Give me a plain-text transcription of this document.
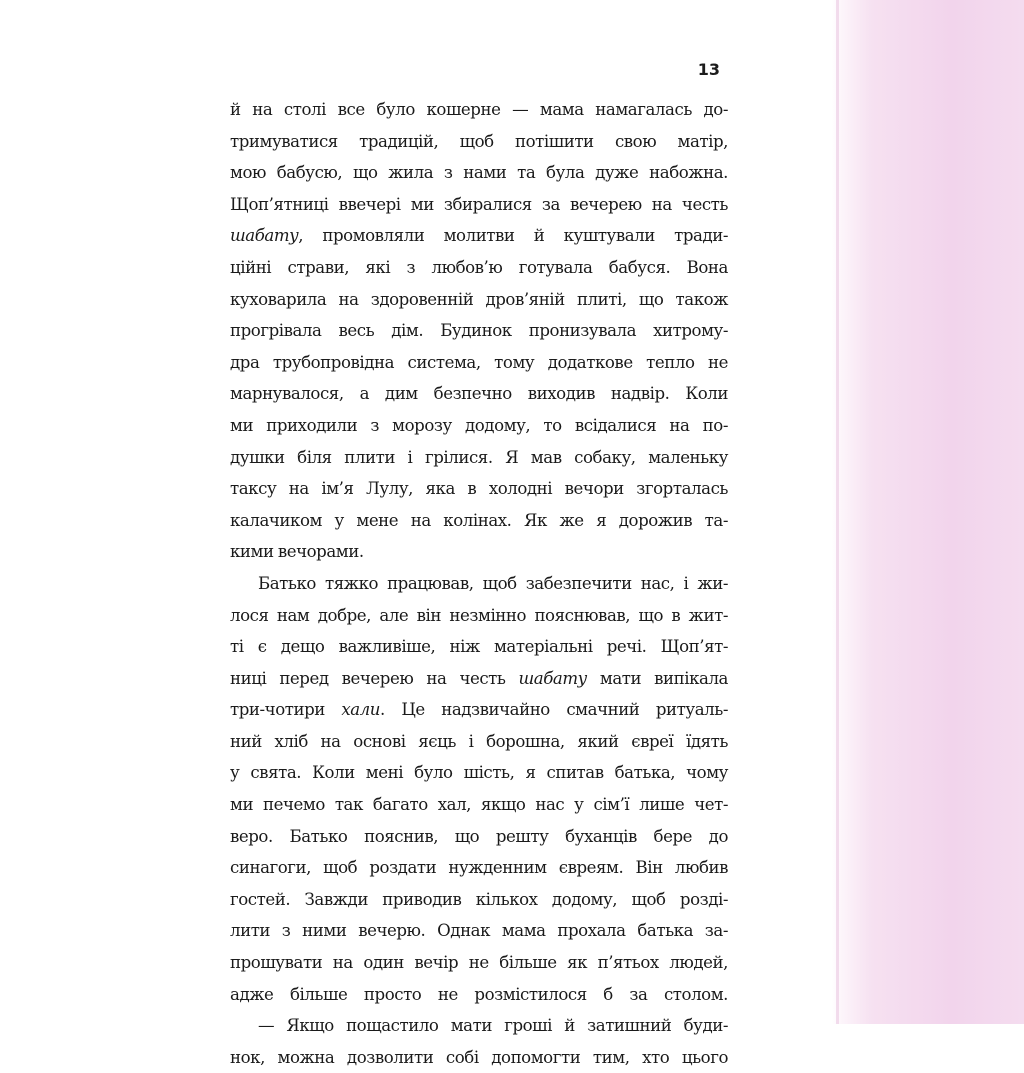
13
й на столі все було кошерне — мама намагалась до-
тримуватися традицій, щоб потішити свою матір,
мою бабусю, що жила з нами та була дуже набожна.
Щоп’ятниці ввечері ми збиралися за вечерею на честь
шабату, промовляли молитви й куштували тради-
ційні страви, які з любов’ю готувала бабуся. Вона
куховарила на здоровенній дров’яній плиті, що також
прогрівала весь дім. Будинок пронизувала хитрому-
дра трубопровідна система, тому додаткове тепло не
марнувалося, а дим безпечно виходив надвір. Коли
ми приходили з морозу додому, то всідалися на по-
душки біля плити і грілися. Я мав собаку, маленьку
таксу на ім’я Лулу, яка в холодні вечори згорталась
калачиком у мене на колінах. Як же я дорожив та-
кими вечорами.
Батько тяжко працював, щоб забезпечити нас, і жи-
лося нам добре, але він незмінно пояснював, що в жит-
ті є дещо важливіше, ніж матеріальні речі. Щоп’ят-
ниці перед вечерею на честь шабату мати випікала
три-чотири хали. Це надзвичайно смачний ритуаль-
ний хліб на основі яєць і борошна, який євреї їдять
у свята. Коли мені було шість, я спитав батька, чому
ми печемо так багато хал, якщо нас у сім’ї лише чет-
веро. Батько пояснив, що решту буханців бере до
синагоги, щоб роздати нужденним євреям. Він любив
гостей. Завжди приводив кількох додому, щоб розді-
лити з ними вечерю. Однак мама прохала батька за-
прошувати на один вечір не більше як п’ятьох людей,
адже більше просто не розмістилося б за столом.
— Якщо пощастило мати гроші й затишний буди-
нок, можна дозволити собі допомогти тим, хто цього
